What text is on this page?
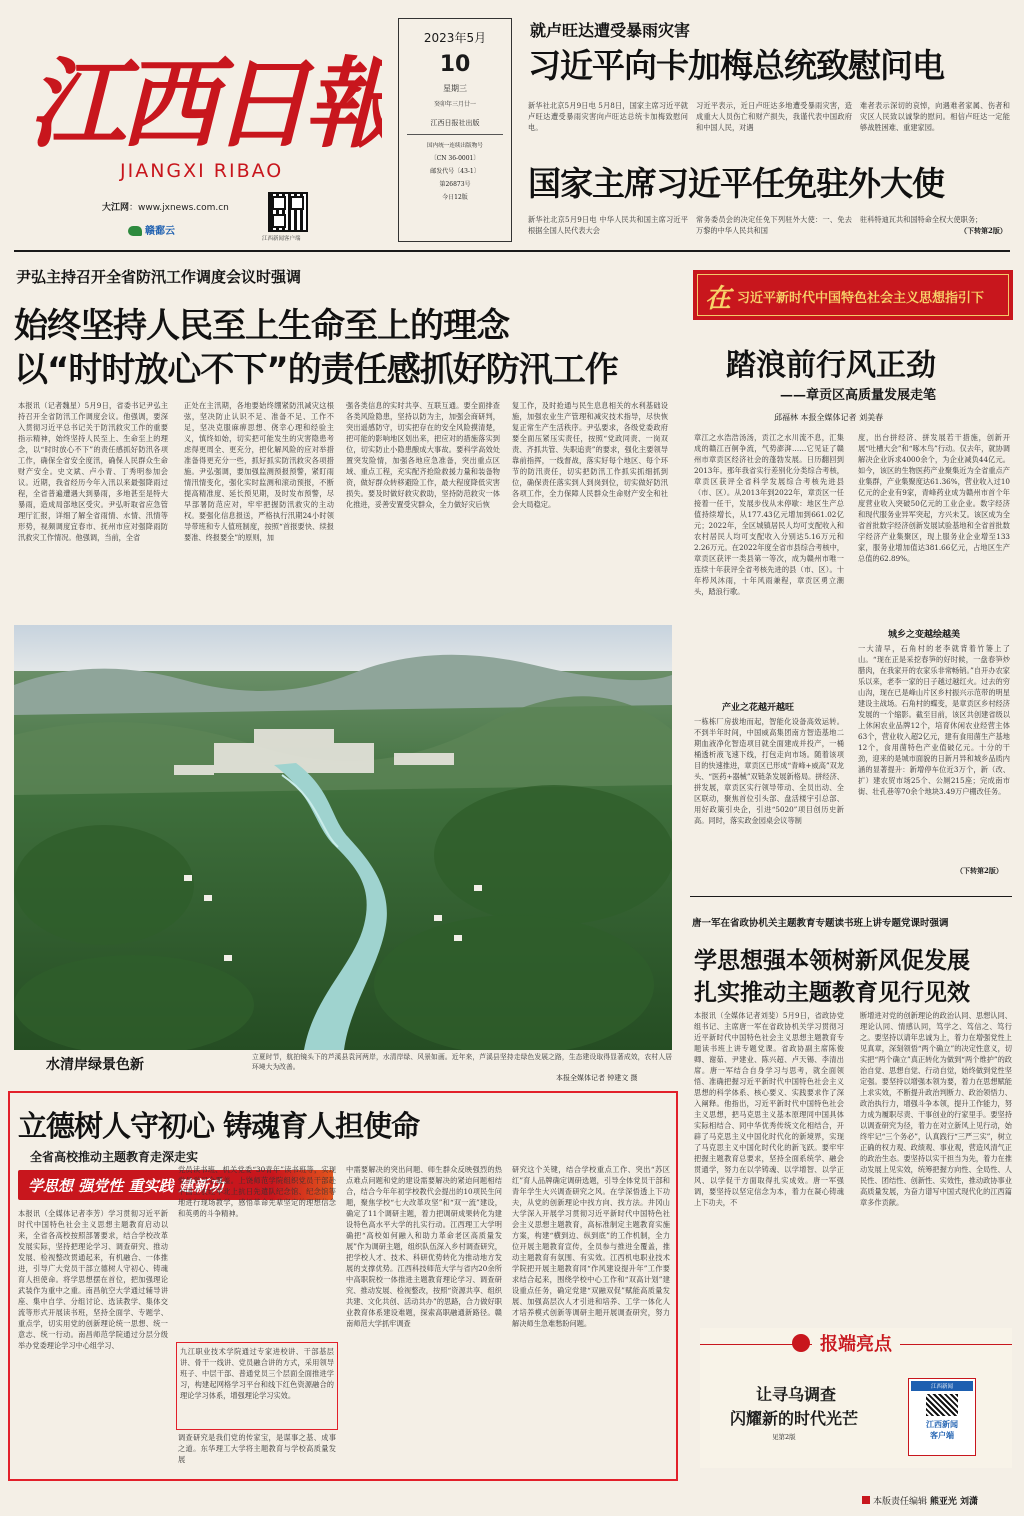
江西日報
JIANGXI RIBAO
大江网：www.jxnews.com.cn
赣鄱云
江西新闻客户端
2023年5月
10
星期三
癸卯年三月廿一
江西日报社出版
国内统一连续出版物号
〔CN 36-0001〕
邮发代号〔43-1〕
第26873号
今日12版
就卢旺达遭受暴雨灾害
习近平向卡加梅总统致慰问电
新华社北京5月9日电 5月8日，国家主席习近平就卢旺达遭受暴雨灾害向卢旺达总统卡加梅致慰问电。
习近平表示，近日卢旺达多地遭受暴雨灾害，造成重大人员伤亡和财产损失，我谨代表中国政府和中国人民，对遇
难者表示深切的哀悼，向遇难者家属、伤者和灾区人民致以诚挚的慰问。相信卢旺达一定能够战胜困难、重建家园。
国家主席习近平任免驻外大使
新华社北京5月9日电 中华人民共和国主席习近平根据全国人民代表大会
常务委员会的决定任免下列驻外大使：一、免去万黎的中华人民共和国
驻科特迪瓦共和国特命全权大使职务；
（下转第2版）
尹弘主持召开全省防汛工作调度会议时强调
始终坚持人民至上生命至上的理念
以“时时放心不下”的责任感抓好防汛工作
本报讯（记者魏星）5月9日，省委书记尹弘主持召开全省防汛工作调度会议。他强调，要深入贯彻习近平总书记关于防汛救灾工作的重要指示精神，始终坚持人民至上、生命至上的理念，以“时时放心不下”的责任感抓好防汛各项工作，确保全省安全度汛，确保人民群众生命财产安全。史文斌、卢小青、丁秀明参加会议。近期，我省经历今年入汛以来最强降雨过程，全省普遍遭遇大到暴雨，多地甚至是特大暴雨，造成局部地区受灾。尹弘听取省应急管理厅汇报，详细了解全省雨情、水情、汛情等形势，视频调度宜春市、抚州市应对强降雨防汛救灾工作情况。他强调，当前，全省
正处在主汛期，各地要始终绷紧防汛减灾这根弦，坚决防止认识不足、准备不足、工作不足，坚决克服麻痹思想、侥幸心理和经验主义，慎终如始，切实把可能发生的灾害隐患考虑得更周全、更充分，把化解风险的应对举措准备得更充分一些，抓好抓实防汛救灾各项措施。尹弘强调，要加强监测预报预警，紧盯雨情汛情变化，强化实时监测和滚动预报，不断提高精准度、延长预见期，及时发布预警，尽早部署防范应对，牢牢把握防汛救灾的主动权。要强化信息报送，严格执行汛期24小时领导带班和专人值班制度，按照“首报要快、续报要准、终报要全”的原则，加
强各类信息的实时共享、互联互通。要全面排查各类风险隐患，坚持以防为主，加强会商研判，突出遥感防守，切实把存在的安全风险摸清楚，把可能的影响地区划出来，把应对的措施落实到位，切实防止小隐患酿成大事故。要科学高效处置突发险情，加强各地应急准备，突出重点区域、重点工程，充实配齐抢险救援力量和装备物资，做好群众转移避险工作，最大程度降低灾害损失。要及时做好救灾救助，坚持防范救灾一体化推进，妥善安置受灾群众，全力做好灾后恢
复工作，及时抢通与民生息息相关的水利基础设施，加强农业生产管理和减灾技术指导，尽快恢复正常生产生活秩序。尹弘要求，各级党委政府要全面压紧压实责任，按照“党政同责、一岗双责、齐抓共管、失职追责”的要求，强化主要领导靠前指挥，一线督战，落实好每个地区、每个环节的防汛责任，切实把防汛工作抓实抓细抓到位，确保责任落实到人到岗到位，切实做好防汛各项工作，全力保障人民群众生命财产安全和社会大局稳定。
水清岸绿景色新	立夏时节，航拍镜头下的芦溪县袁河两岸，水清岸绿、风景如画。近年来，芦溪县坚持走绿色发展之路，生态建设取得显著成效，农村人居环境大为改善。
本报全媒体记者 钟建文 摄
在 习近平新时代中国特色社会主义思想指引下
踏浪前行风正劲
——章贡区高质量发展走笔
邱福林 本报全媒体记者 刘美春
章江之水浩浩汤汤，贡江之水川流不息，汇集成的赣江百舸争流，气势澎湃……它见证了赣州市章贡区经济社会的蓬勃发展。日历翻回到2013年。那年我省实行差别化分类综合考核，章贡区获评全省科学发展综合考核先进县（市、区）。从2013年到2022年，章贡区一任接着一任干，发展步伐从未停歇：地区生产总值持续增长，从177.43亿元增加到661.02亿元；2022年，全区城镇居民人均可支配收入和农村居民人均可支配收入分别达5.16万元和2.26万元。在2022年度全省市县综合考核中，章贡区获评一类县第一等次，成为赣州市唯一连续十年获评全省考核先进的县（市、区）。十年栉风沐雨，十年风雨兼程，章贡区勇立潮头，踏浪行歌。
产业之花越开越旺
一栋栋厂房拔地而起，智能化设备高效运转。不到半年时间，中国威高集团南方智造基地二期血液净化智造项目就全面建成并投产，一桶桶透析液飞速下线，打包走向市场。随着该项目的快速推进，章贡区已形成“青峰+威高”双龙头、“医药+器械”双链条发展新格局。拼经济、拼发展，章贡区实行领导带动、全员出动、全区联动，聚焦首位引头部、盘活楼宇引总部、用好政策引央企，引进“5020”项目创历史新高。同时，落实政金园桌会议等制
度，出台拼经济、拼发展若干措施，创新开展“吐槽大会”和“啄木鸟”行动。仅去年，就协调解决企业诉求4000余个，为企业减负44亿元。如今，该区的生物医药产业聚集近为全省重点产业集群，产业集聚度达61.36%，营业收入过10亿元的企业有9家，青峰药业成为赣州市首个年度营业收入突破50亿元的工业企业。数字经济和现代服务业异军突起，方兴未艾。该区成为全省首批数字经济创新发展试验基地和全省首批数字经济产业集聚区，现上服务业企业增至133家，服务业增加值达381.66亿元，占地区生产总值的62.89%。
城乡之变越绘越美
一大清早，石角村的老李就背着竹篓上了山。“现在正是采挖春笋的好时候，一盘春笋炒腊肉，在我家开的农家乐非常畅销。”自开办农家乐以来，老李一家的日子越过越红火。过去的穷山沟，现在已是峰山片区乡村振兴示范带的明星建设主战场。石角村的蝶变，是章贡区乡村经济发展的一个缩影。截至目前，该区共创建省级以上休闲农业品牌12个，培育休闲农业经营主体63个，营业收入超2亿元，建有食用菌生产基地12个，食用菌特色产业值破亿元。十分的干劲，迎来的是城市面貌的日新月异和城乡品质内涵的显著提升：新增停车位近3万个，新（改、扩）建农贸市场25个、公厕215座；完成南市街、壮孔巷等70余个地块3.49万户棚改任务。
（下转第2版）
唐一军在省政协机关主题教育专题读书班上讲专题党课时强调
学思想强本领树新风促发展
扎实推动主题教育见行见效
本报讯（全媒体记者刘斐）5月9日，省政协党组书记、主席唐一军在省政协机关学习贯彻习近平新时代中国特色社会主义思想主题教育专题读书班上讲专题党课。省政协副主席陈俊卿、谢茹、尹建业、陈兴超、卢天锡、李清出席。唐一军结合自身学习与思考，就全面领悟、准确把握习近平新时代中国特色社会主义思想的科学体系、核心要义、实践要求作了深入阐释。他指出，习近平新时代中国特色社会主义思想，把马克思主义基本原理同中国具体实际相结合、同中华优秀传统文化相结合，开辟了马克思主义中国化时代化的新境界，实现了马克思主义中国化时代化的新飞跃。要牢牢把握主题教育总要求，坚持全面系统学、融会贯通学，努力在以学铸魂、以学增智、以学正风、以学促干方面取得扎实成效。唐一军强调，要坚持以坚定信念为本，着力在凝心铸魂上下功夫，不
断增进对党的创新理论的政治认同、思想认同、理论认同、情感认同，笃学之、笃信之、笃行之。要坚持以请年忠诚为上，着力在增强党性上见真章，深刻领悟“两个确立”的决定性意义，切实把“两个确立”真正转化为做到“两个维护”的政治自觉、思想自觉、行动自觉，始终做到党性坚定强。要坚持以增强本领为要，着力在思想赋能上求实效，不断提升政治判断力、政治领悟力、政治执行力，增强斗争本领，提升工作能力，努力成为履职尽责、干事创业的行家里手。要坚持以调查研究为径，着力在对立新风上见行动，始终牢记“三个务必”，认真践行“三严三实”，树立正确的权力观、政绩观、事业观，营造风清气正的政治生态。要坚持以实干担当为先，着力在推动发展上见实效，统筹把握方向性、全局性、人民性、团结性、创新性、实效性，推动政协事业高质量发展，为奋力谱写中国式现代化的江西篇章多作贡献。
立德树人守初心 铸魂育人担使命
全省高校推动主题教育走深走实
学思想 强党性 重实践 建新功
本报讯（全媒体记者李芳）学习贯彻习近平新时代中国特色社会主义思想主题教育启动以来，全省各高校按照部署要求，结合学校改革发展实际，坚持把理论学习、调查研究、推动发展、检视整改贯通起来，有机融合、一体推进，引导广大党员干部立德树人守初心、铸魂育人担使命。将学思想摆在首位，把加强理论武装作为重中之重。南昌航空大学通过辅导讲座、集中自学、分组讨论、选读教学、集体交流等形式开展读书班，坚持全面学、专题学、重点学，切实用党的创新理论统一思想、统一意志、统一行动。南昌师范学院通过分层分级举办党委理论学习中心组学习、
党员读书班、机关党委“30青年”读书班等，实现党员学习全覆盖。上饶师范学院组织党员干部赴中国工农红军北上抗日先遣队纪念馆、纪念馆等地进行现场教学，感悟革命先辈坚定的理想信念和英勇的斗争精神。
九江职业技术学院通过专家进校讲、干部基层讲、骨干一线讲、党员融合讲的方式，采用领导班子、中层干部、普通党员三个层面全面推进学习，构建起网格学习平台和线下红色资源融合的理论学习体系，增强理论学习实效。
调查研究是我们党的传家宝，是谋事之基、成事之道。东华理工大学将主题教育与学校高质量发展
中需要解决的突出问题、师生群众反映强烈的热点难点问题和党的建设需要解决的紧迫问题相结合，结合今年年初学校教代会提出的10项民生问题，聚焦学校“七大改革攻坚”和“双一流”建设，确定了11个调研主题，着力把调研成果转化为建设特色高水平大学的扎实行动。江西理工大学明确把“高校如何融入和助力革命老区高质量发展”作为调研主题，组织队伍深入乡村调查研究，把学校人才、技术、科研优势转化为推动地方发展的支撑优势。江西科技师范大学与省内20余所中高职院校一体推进主题教育理论学习、调查研究、推动发展、检视整改，按照“资源共享、组织共建、文化共创、活动共办”的思路，合力做好职业教育体系建设难题，探索高职融通新路径。赣南师范大学抓牢调查
研究这个关键，结合学校重点工作、突出“苏区红”育人品牌确定调研选题，引导全体党员干部和青年学生大兴调查研究之风。在学深悟透上下功夫，从党的创新理论中找方向、找方法。井冈山大学深入开展学习贯彻习近平新时代中国特色社会主义思想主题教育，高标准制定主题教育实施方案，构建“横到边、纵到底”的工作机制，全力位开展主题教育宣传，全员参与推进全覆盖，推动主题教育有氛围、有实效。江西机电职业技术学院把开展主题教育同“作风建设提升年”工作要求结合起来，围绕学校中心工作和“双高计划”建设重点任务，确定党建“双融双促”赋能高质量发展、加强高层次人才引进和培养、工学一体化人才培养模式创新等调研主题开展调查研究，努力解决师生急难愁盼问题。
报端亮点
让寻乌调查
闪耀新的时代光芒
见第2版
江西新闻
江西新闻
客户端
本版责任编辑 熊亚光 刘潇
